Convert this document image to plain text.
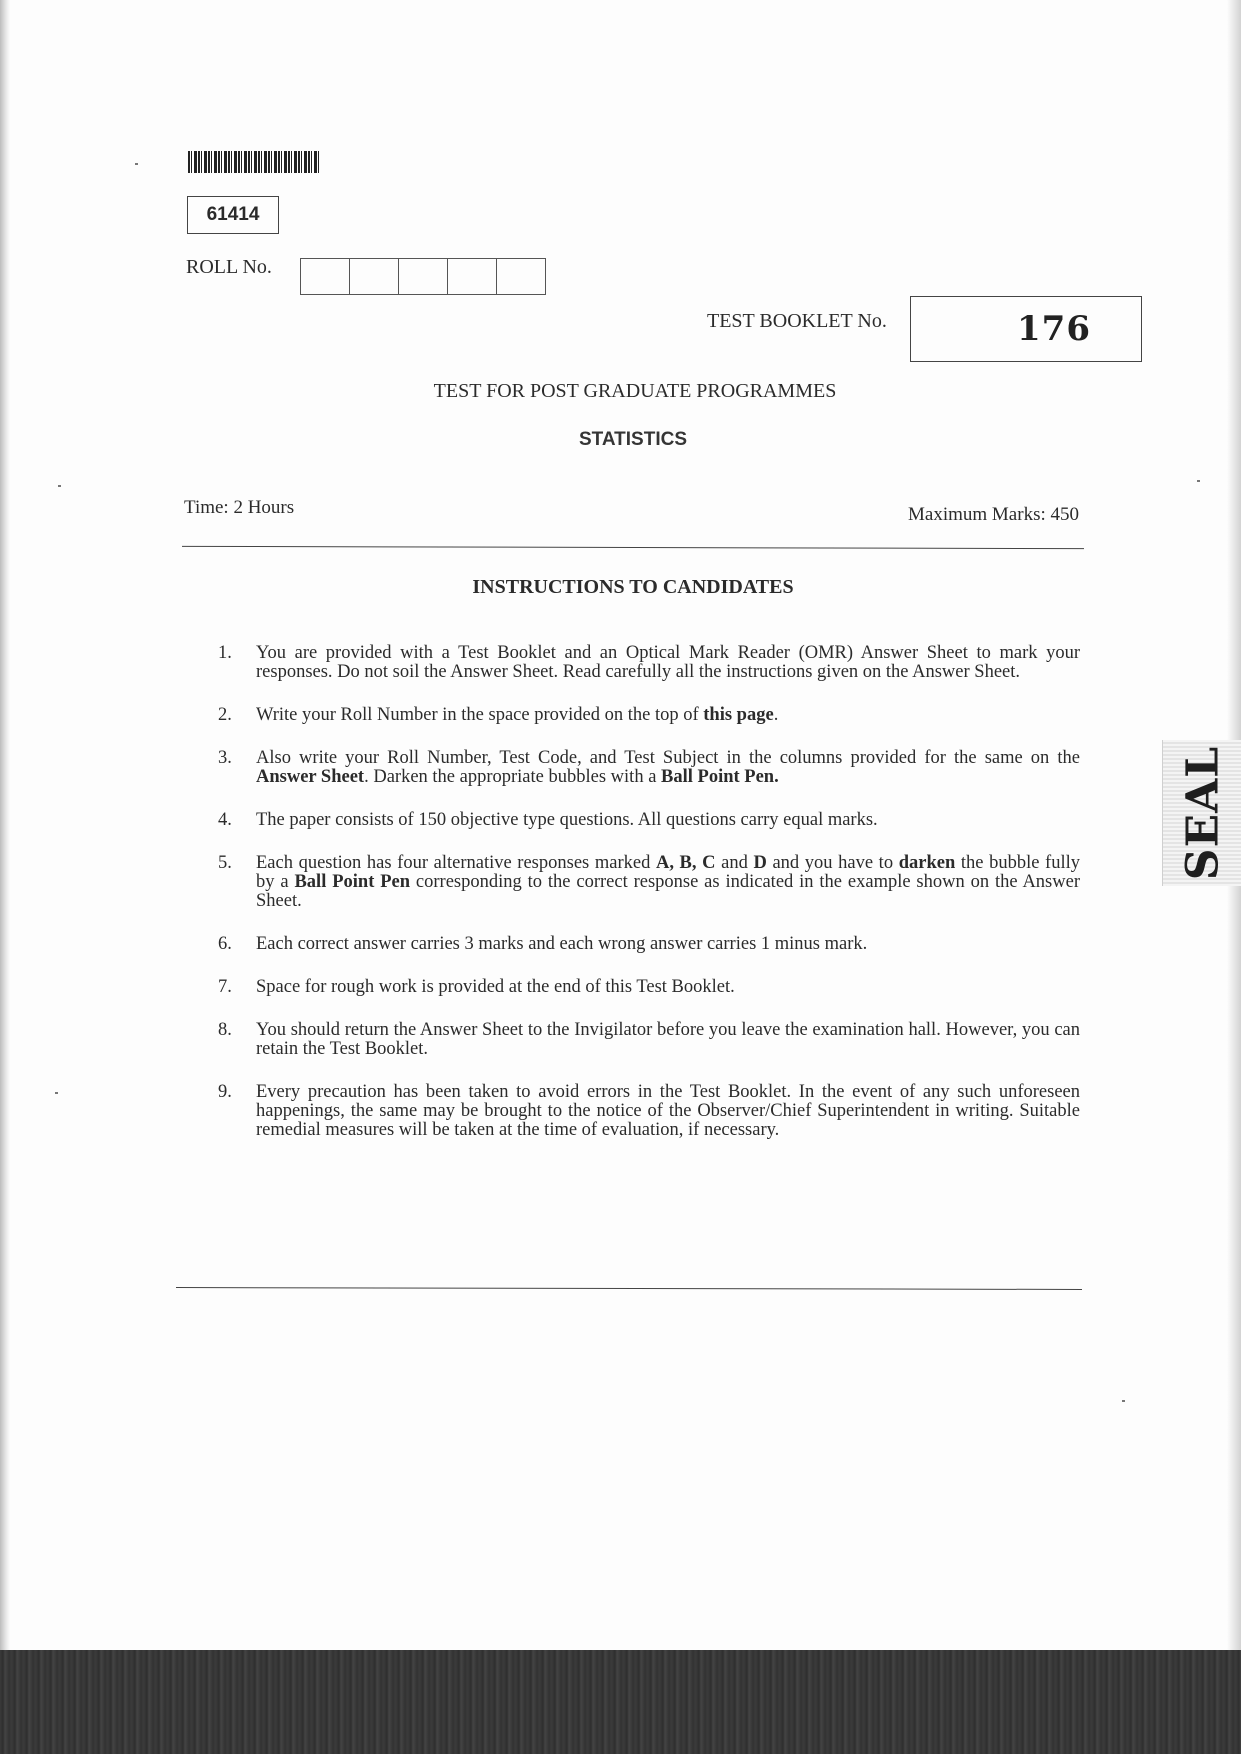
61414
ROLL No.
TEST BOOKLET No.	176
TEST FOR POST GRADUATE PROGRAMMES
STATISTICS
Time: 2 Hours	Maximum Marks: 450
INSTRUCTIONS TO CANDIDATES
1.	You are provided with a Test Booklet and an Optical Mark Reader (OMR) Answer Sheet to mark your responses. Do not soil the Answer Sheet. Read carefully all the instructions given on the Answer Sheet.
2.	Write your Roll Number in the space provided on the top of this page.
3.	Also write your Roll Number, Test Code, and Test Subject in the columns provided for the same on the Answer Sheet. Darken the appropriate bubbles with a Ball Point Pen.
4.	The paper consists of 150 objective type questions. All questions carry equal marks.
5.	Each question has four alternative responses marked A, B, C and D and you have to darken the bubble fully by a Ball Point Pen corresponding to the correct response as indicated in the example shown on the Answer Sheet.
6.	Each correct answer carries 3 marks and each wrong answer carries 1 minus mark.
7.	Space for rough work is provided at the end of this Test Booklet.
8.	You should return the Answer Sheet to the Invigilator before you leave the examination hall. However, you can retain the Test Booklet.
9.	Every precaution has been taken to avoid errors in the Test Booklet. In the event of any such unforeseen happenings, the same may be brought to the notice of the Observer/Chief Superintendent in writing. Suitable remedial measures will be taken at the time of evaluation, if necessary.
SEAL
